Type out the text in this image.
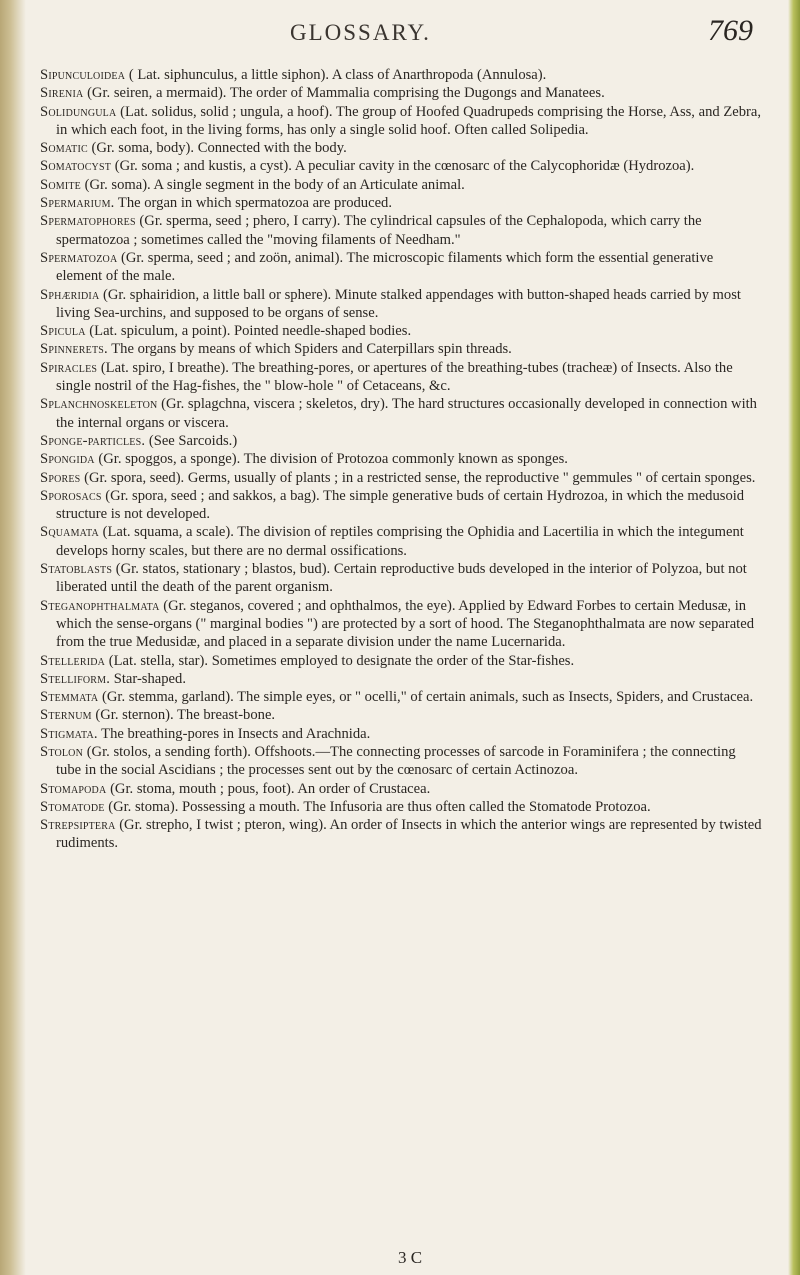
GLOSSARY.	769

Sipunculoidea ( Lat. siphunculus, a little siphon). A class of Anarthropoda (Annulosa).

Sirenia (Gr. seiren, a mermaid). The order of Mammalia comprising the Dugongs and Manatees.

Solidungula (Lat. solidus, solid ; ungula, a hoof). The group of Hoofed Quadrupeds comprising the Horse, Ass, and Zebra, in which each foot, in the living forms, has only a single solid hoof. Often called Solipedia.

Somatic (Gr. soma, body). Connected with the body.

Somatocyst (Gr. soma ; and kustis, a cyst). A peculiar cavity in the cœnosarc of the Calycophoridæ (Hydrozoa).

Somite (Gr. soma). A single segment in the body of an Articulate animal.

Spermarium. The organ in which spermatozoa are produced.

Spermatophores (Gr. sperma, seed ; phero, I carry). The cylindrical capsules of the Cephalopoda, which carry the spermatozoa ; sometimes called the "moving filaments of Needham."

Spermatozoa (Gr. sperma, seed ; and zoön, animal). The microscopic filaments which form the essential generative element of the male.

Sphæridia (Gr. sphairidion, a little ball or sphere). Minute stalked appendages with button-shaped heads carried by most living Sea-urchins, and supposed to be organs of sense.

Spicula (Lat. spiculum, a point). Pointed needle-shaped bodies.

Spinnerets. The organs by means of which Spiders and Caterpillars spin threads.

Spiracles (Lat. spiro, I breathe). The breathing-pores, or apertures of the breathing-tubes (tracheæ) of Insects. Also the single nostril of the Hag-fishes, the " blow-hole " of Cetaceans, &c.

Splanchnoskeleton (Gr. splagchna, viscera ; skeletos, dry). The hard structures occasionally developed in connection with the internal organs or viscera.

Sponge-particles. (See Sarcoids.)

Spongida (Gr. spoggos, a sponge). The division of Protozoa commonly known as sponges.

Spores (Gr. spora, seed). Germs, usually of plants ; in a restricted sense, the reproductive " gemmules " of certain sponges.

Sporosacs (Gr. spora, seed ; and sakkos, a bag). The simple generative buds of certain Hydrozoa, in which the medusoid structure is not developed.

Squamata (Lat. squama, a scale). The division of reptiles comprising the Ophidia and Lacertilia in which the integument develops horny scales, but there are no dermal ossifications.

Statoblasts (Gr. statos, stationary ; blastos, bud). Certain reproductive buds developed in the interior of Polyzoa, but not liberated until the death of the parent organism.

Steganophthalmata (Gr. steganos, covered ; and ophthalmos, the eye). Applied by Edward Forbes to certain Medusæ, in which the sense-organs (" marginal bodies ") are protected by a sort of hood. The Steganophthalmata are now separated from the true Medusidæ, and placed in a separate division under the name Lucernarida.

Stellerida (Lat. stella, star). Sometimes employed to designate the order of the Star-fishes.

Stelliform. Star-shaped.

Stemmata (Gr. stemma, garland). The simple eyes, or " ocelli," of certain animals, such as Insects, Spiders, and Crustacea.

Sternum (Gr. sternon). The breast-bone.

Stigmata. The breathing-pores in Insects and Arachnida.

Stolon (Gr. stolos, a sending forth). Offshoots.—The connecting processes of sarcode in Foraminifera ; the connecting tube in the social Ascidians ; the processes sent out by the cœnosarc of certain Actinozoa.

Stomapoda (Gr. stoma, mouth ; pous, foot). An order of Crustacea.

Stomatode (Gr. stoma). Possessing a mouth. The Infusoria are thus often called the Stomatode Protozoa.

Strepsiptera (Gr. strepho, I twist ; pteron, wing). An order of Insects in which the anterior wings are represented by twisted rudiments.

3 C
